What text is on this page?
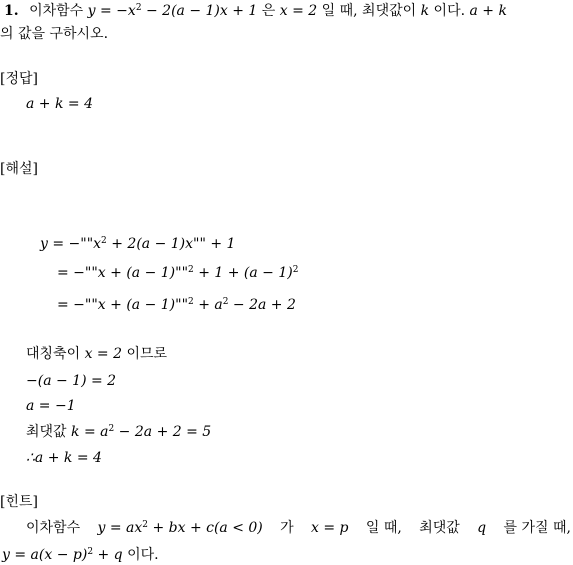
1. 이차함수 $y = -x^2 - 2(a - 1)x + 1$ 은 x = 2 일 때, 최댓값이 k 이다. a + k
의 값을 구하시오.
[정답]
a + k = 4
[해설]
$y = -""x^2 + 2(a - 1)x$"" + 1
= −""x + (a − 1)""$^2$ + $1 + (a - 1)^2$
= −""x + (a − 1)""$^2$ + $a^2 - 2a + 2$
대칭축이 x = 2 이므로
−(a − 1) = 2
a = −1
최댓값 $k = a^2 - 2a + 2 = 5$
∴a + k = 4
[힌트]
이차함수 $y = ax^2$ + bx + c(a < 0) 가 x = p 일 때, 최댓값 q 를 가질 때,
$y = a(x - p)^2 + q$ 이다.
